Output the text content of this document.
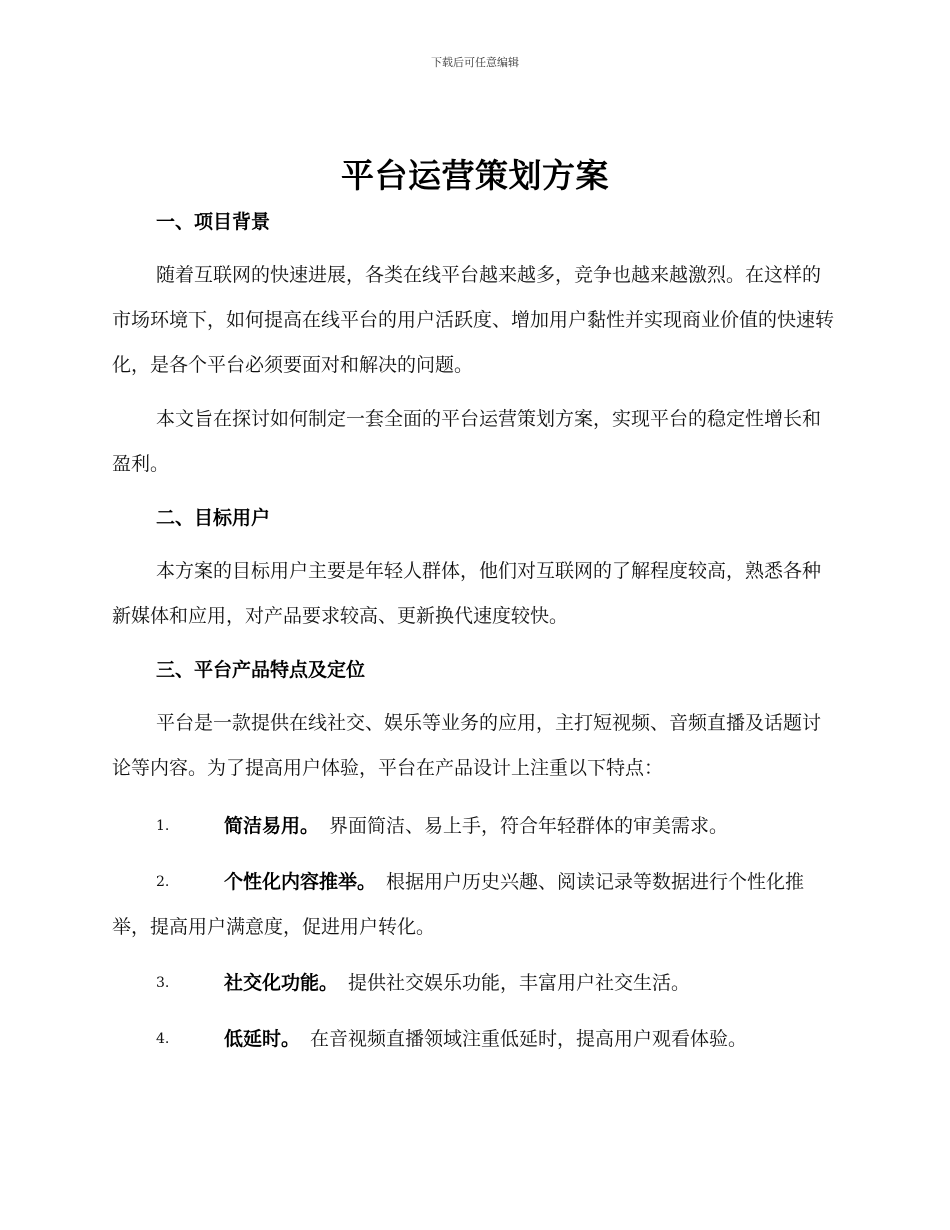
下载后可任意编辑
平台运营策划方案

一、项目背景

随着互联网的快速进展，各类在线平台越来越多，竞争也越来越激烈。在这样的市场环境下，如何提高在线平台的用户活跃度、增加用户黏性并实现商业价值的快速转化，是各个平台必须要面对和解决的问题。

本文旨在探讨如何制定一套全面的平台运营策划方案，实现平台的稳定性增长和盈利。

二、目标用户

本方案的目标用户主要是年轻人群体，他们对互联网的了解程度较高，熟悉各种新媒体和应用，对产品要求较高、更新换代速度较快。

三、平台产品特点及定位

平台是一款提供在线社交、娱乐等业务的应用，主打短视频、音频直播及话题讨论等内容。为了提高用户体验，平台在产品设计上注重以下特点：

1.	简洁易用。 界面简洁、易上手，符合年轻群体的审美需求。

2.	个性化内容推举。 根据用户历史兴趣、阅读记录等数据进行个性化推举，提高用户满意度，促进用户转化。

3.	社交化功能。 提供社交娱乐功能，丰富用户社交生活。

4.	低延时。 在音视频直播领域注重低延时，提高用户观看体验。
